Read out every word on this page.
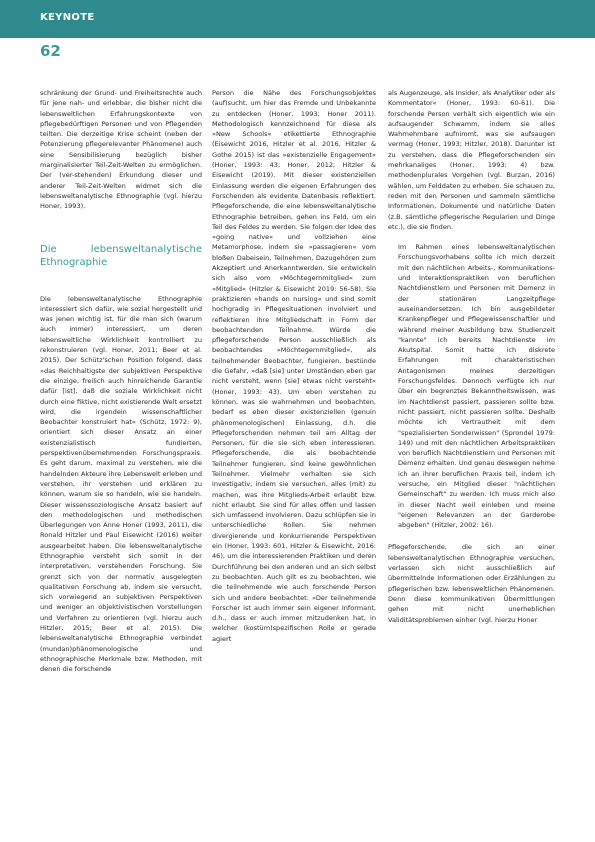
KEYNOTE
62

schränkung der Grund- und Freiheitsrechte auch für jene nah- und erlebbar, die bisher nicht die lebensweltlichen Erfahrungskontexte von pflegebedürftigen Personen und von Pflegenden teilten. Die derzeitige Krise scheint (neben der Potenzierung pflegerelevanter Phänomene) auch eine Sensibilisierung bezüglich bisher marginalisierter Teil-Zeit-Welten zu ermöglichen. Der (ver-stehenden) Erkundung dieser und anderer Teil-Zeit-Welten widmet sich die lebensweltanalytische Ethnographie (vgl. hierzu Honer, 1993).

Die lebensweltanalytische Ethnographie

Die lebensweltanalytische Ethnographie interessiert sich dafür, wie sozial hergestellt und was jenen wichtig ist, für die man sich (warum auch immer) interessiert, um deren lebensweltliche Wirklichkeit kontrolliert zu rekonstruieren (vgl. Honer, 2011; Beer et al. 2015). Der Schütz'schen Position folgend, dass »das Reichhaltigste der subjektiven Perspektive die einzige, freilich auch hinreichende Garantie dafür [ist], daß die soziale Wirklichkeit nicht durch eine fiktive, nicht existierende Welt ersetzt wird, die irgendein wissenschaftlicher Beobachter konstruiert hat« (Schütz, 1972: 9), orientiert sich dieser Ansatz an einer existenzialistisch fundierten, perspektivenübernehmenden Forschungspraxis. Es geht darum, maximal zu verstehen, wie die handelnden Akteure ihre Lebenswelt erleben und verstehen, ihr verstehen und erklären zu können, warum sie so handeln, wie sie handeln. Dieser wissenssoziologische Ansatz basiert auf den methodologischen und methodischen Überlegungen von Anne Honer (1993, 2011), die Ronald Hitzler und Paul Eisewicht (2016) weiter ausgearbeitet haben. Die lebensweltanalytische Ethnographie versteht sich somit in der interpretativen, verstehenden Forschung. Sie grenzt sich von der normativ ausgelegten qualitativen Forschung ab, indem sie versucht, sich vorwiegend an subjektiven Perspektiven und weniger an objektivistischen Vorstellungen und Verfahren zu orientieren (vgl. hierzu auch Hitzler, 2015; Beer et al. 2015). Die lebensweltanalytische Ethnographie verbindet (mundan)phänomenologische und ethnographische Merkmale bzw. Methoden, mit denen die forschende

Person die Nähe des Forschungsobjektes (auf)sucht, um hier das Fremde und Unbekannte zu entdecken (Honer, 1993; Honer 2011). Methodologisch kennzeichnend für diese als »New Schools« etikettierte Ethnographie (Eisewicht 2016, Hitzler et al. 2016, Hitzler & Gothe 2015) ist das »existenzielle Engagement« (Honer, 1993: 43; Honer, 2012; Hitzler & Eisewicht (2019). Mit dieser existenziellen Einlassung werden die eigenen Erfahrungen des Forschenden als evidente Datenbasis reflektiert. Pflegeforschende, die eine lebensweltanalytische Ethnographie betreiben, gehen ins Feld, um ein Teil des Feldes zu werden. Sie folgen der Idee des »going native« und vollziehen eine Metamorphose, indem sie »passagieren« vom bloßen Dabeisein, Teilnehmen, Dazugehören zum Akzeptiert und Anerkanntwerden. Sie entwickeln sich also vom »Möchtegernmitglied« zum »Mitglied« (Hitzler & Eisewicht 2019: 56-58). Sie praktizieren »hands on nursing« und sind somit hochgradig in Pflegesituationen involviert und reflektieren ihre Mitgliedschaft in Form der beobachtenden Teilnahme. Würde die pflegeforschende Person ausschließlich als beobachtendes »Möchtegernmitglied«, als teilnehmender Beobachter, fungieren, bestünde die Gefahr, »daß [sie] unter Umständen eben gar nicht versteht, wenn [sie] etwas nicht versteht« (Honer, 1993: 43). Um eben verstehen zu können, was sie wahrnehmen und beobachten, bedarf es eben dieser existenziellen (genuin phänomenologischen) Einlassung, d.h. die Pflegeforschenden nehmen teil am Alltag der Personen, für die sie sich eben interessieren. Pflegeforschende, die als beobachtende Teilnehmer fungieren, sind keine gewöhnlichen Teilnehmer. Vielmehr verhalten sie sich investigativ, indem sie versuchen, alles (mit) zu machen, was ihre Mitglieds-Arbeit erlaubt bzw. nicht erlaubt. Sie sind für alles offen und lassen sich umfassend involvieren. Dazu schlüpfen sie in unterschiedliche Rollen. Sie nehmen divergierende und konkurrierende Perspektiven ein (Honer, 1993: 601, Hitzler & Eisewicht, 2016: 46), um die interessierenden Praktiken und deren Durchführung bei den anderen und an sich selbst zu beobachten. Auch gilt es zu beobachten, wie die teilnehmende wie auch forschende Person sich und andere beobachtet: »Der teilnehmende Forscher ist auch immer sein eigener Informant, d.h., dass er auch immer mitzudenken hat, in welcher (kostüm)spezifischen Rolle er gerade agiert

als Augenzeuge, als Insider, als Analytiker oder als Kommentator« (Honer, 1993: 60-61). Die forschende Person verhält sich eigentlich wie ein aufsaugender Schwamm, indem sie alles Wahrnehmbare aufnimmt, was sie aufsaugen vermag (Honer, 1993; Hitzler, 2018). Darunter ist zu verstehen, dass die Pflegeforschenden ein mehrkanaliges (Honer, 1993: 4) bzw. methodenplurales Vorgehen (vgl. Burzan, 2016) wählen, um Felddaten zu erheben. Sie schauen zu, reden mit den Personen und sammeln sämtliche Informationen, Dokumente und natürliche Daten (z.B. sämtliche pflegerische Regularien und Dinge etc.), die sie finden.

Im Rahmen eines lebensweltanalytischen Forschungsvorhabens sollte ich mich derzeit mit den nächtlichen Arbeits-, Kommunikations- und Interaktionspraktiken von beruflichen Nachtdienstlern und Personen mit Demenz in der stationären Langzeitpflege auseinandersetzen. Ich bin ausgebildeter Krankenpfleger und Pflegewissenschaftler und während meiner Ausbildung bzw. Studienzeit "kannte" ich bereits Nachtdienste im Akutspital. Somit hatte ich diskrete Erfahrungen mit charakteristischen Antagonismen meines derzeitigen Forschungsfeldes. Dennoch verfügte ich nur über ein begrenztes Bekanntheitswissen, was im Nachtdienst passiert, passieren sollte bzw. nicht passiert, nicht passieren sollte. Deshalb möchte ich Vertrautheit mit dem "spezialisierten Sonderwissen" (Sprondel 1979: 149) und mit den nächtlichen Arbeitspraktiken von beruflich Nachtdienstlern und Personen mit Demenz erhalten. Und genau deswegen nehme ich an ihrer beruflichen Praxis teil, indem ich versuche, ein Mitglied dieser "nächtlichen Gemeinschaft" zu werden. Ich muss mich also in dieser Nacht weil einleben und meine "eigenen Relevanzen an der Garderobe abgeben" (Hitzler, 2002: 16).

Pflegeforschende, die sich an einer lebensweltanalytischen Ethnographie versuchen, verlassen sich nicht ausschließlich auf übermittelnde Informationen oder Erzählungen zu pflegerischen bzw. lebensweltlichen Phänomenen. Denn diese kommunikativen Übermittlungen gehen mit nicht unerheblichen Validitätsproblemen einher (vgl. hierzu Honer
